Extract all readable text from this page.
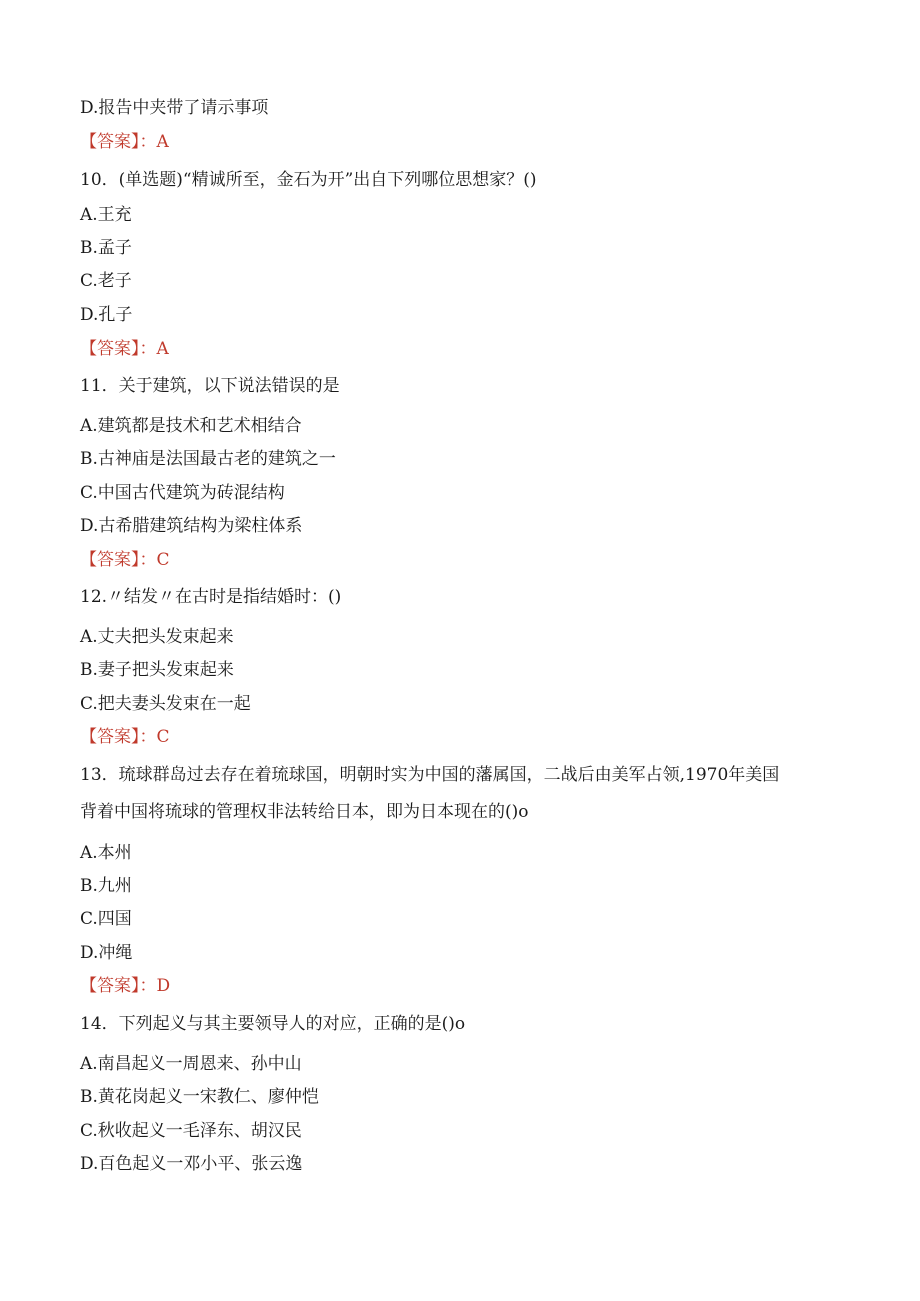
D.报告中夹带了请示事项
【答案】：A
10．(单选题)“精诚所至，金石为开”出自下列哪位思想家？()
A.王充
B.孟子
C.老子
D.孔子
【答案】：A
11．关于建筑，以下说法错误的是
A.建筑都是技术和艺术相结合
B.古神庙是法国最古老的建筑之一
C.中国古代建筑为砖混结构
D.古希腊建筑结构为梁柱体系
【答案】：C
12.〃结发〃在古时是指结婚时：()
A.丈夫把头发束起来
B.妻子把头发束起来
C.把夫妻头发束在一起
【答案】：C
13．琉球群岛过去存在着琉球国，明朝时实为中国的藩属国，二战后由美军占领,1970年美国
背着中国将琉球的管理权非法转给日本，即为日本现在的()o
A.本州
B.九州
C.四国
D.冲绳
【答案】：D
14．下列起义与其主要领导人的对应，正确的是()o
A.南昌起义一周恩来、孙中山
B.黄花岗起义一宋教仁、廖仲恺
C.秋收起义一毛泽东、胡汉民
D.百色起义一邓小平、张云逸
